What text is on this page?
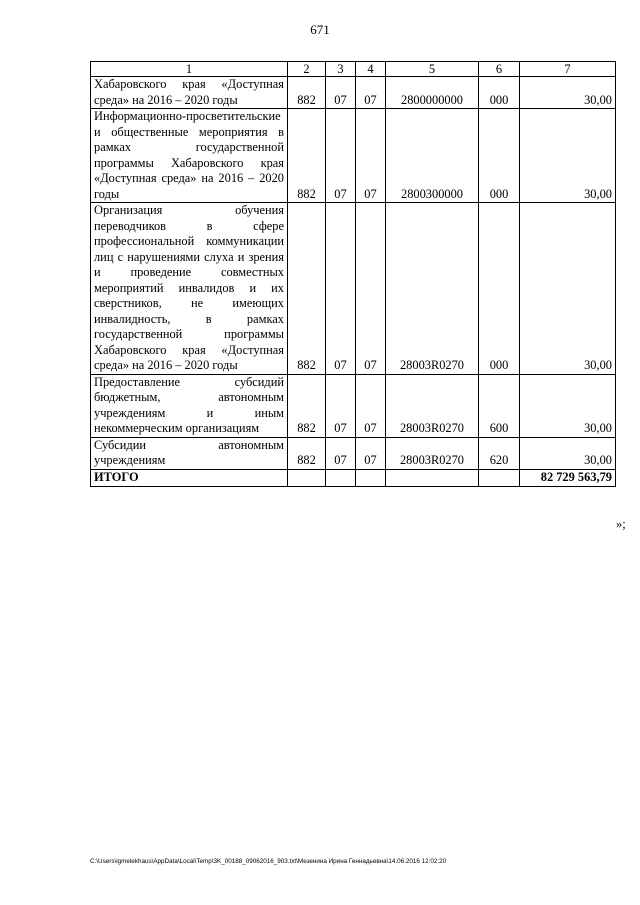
671
1	2	3	4	5	6	7
Хабаровского края «Доступная среда» на 2016 – 2020 годы	882	07	07	2800000000	000	30,00
Информационно-просветительские и общественные мероприятия в рамках государственной программы Хабаровского края «Доступная среда» на 2016 – 2020 годы	882	07	07	2800300000	000	30,00
Организация обучения переводчиков в сфере профессиональной коммуникации лиц с нарушениями слуха и зрения и проведение совместных мероприятий инвалидов и их сверстников, не имеющих инвалидность, в рамках государственной программы Хабаровского края «Доступная среда» на 2016 – 2020 годы	882	07	07	28003R0270	000	30,00
Предоставление субсидий бюджетным, автономным учреждениям и иным некоммерческим организациям	882	07	07	28003R0270	600	30,00
Субсидии автономным учреждениям	882	07	07	28003R0270	620	30,00
ИТОГО						82 729 563,79
»;
C:\Users\igmelekhaus\AppData\Local\Temp\3K_00188_09062016_903.txt\Мезенина Ирина Геннадьевна\14.06.2016 12:02:20
